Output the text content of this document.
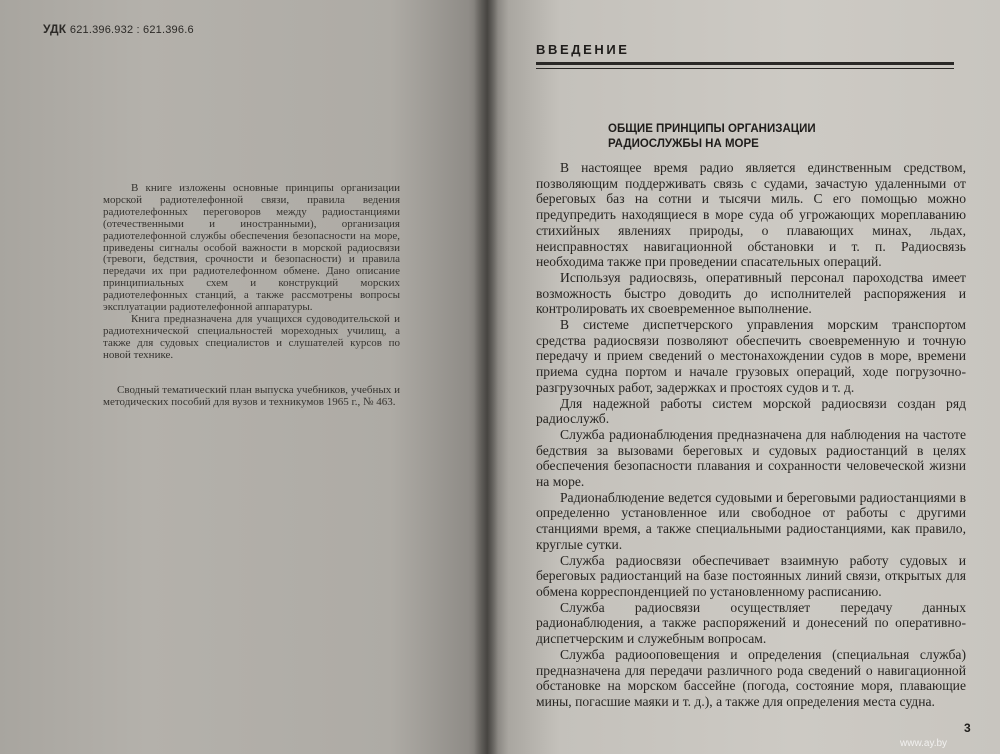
УДК 621.396.932 : 621.396.6

В книге изложены основные принципы организации морской радиотелефонной связи, правила ведения радиотелефонных переговоров между радиостанциями (отечественными и иностранными), организация радиотелефонной службы обеспечения безопасности на море, приведены сигналы особой важности в морской радиосвязи (тревоги, бедствия, срочности и безопасности) и правила передачи их при радиотелефонном обмене. Дано описание принципиальных схем и конструкций морских радиотелефонных станций, а также рассмотрены вопросы эксплуатации радиотелефонной аппаратуры.

Книга предназначена для учащихся судоводительской и радиотехнической специальностей мореходных училищ, а также для судовых специалистов и слушателей курсов по новой технике.

Сводный тематический план выпуска учебников, учебных и методических пособий для вузов и техникумов 1965 г., № 463.

ВВЕДЕНИЕ
ОБЩИЕ ПРИНЦИПЫ ОРГАНИЗАЦИИ РАДИОСЛУЖБЫ НА МОРЕ

В настоящее время радио является единственным средством, позволяющим поддерживать связь с судами, зачастую удаленными от береговых баз на сотни и тысячи миль. С его помощью можно предупредить находящиеся в море суда об угрожающих мореплаванию стихийных явлениях природы, о плавающих минах, льдах, неисправностях навигационной обстановки и т. п. Радиосвязь необходима также при проведении спасательных операций.

Используя радиосвязь, оперативный персонал пароходства имеет возможность быстро доводить до исполнителей распоряжения и контролировать их своевременное выполнение.

В системе диспетчерского управления морским транспортом средства радиосвязи позволяют обеспечить своевременную и точную передачу и прием сведений о местонахождении судов в море, времени приема судна портом и начале грузовых операций, ходе погрузочно-разгрузочных работ, задержках и простоях судов и т. д.

Для надежной работы систем морской радиосвязи создан ряд радиослужб.

Служба радионаблюдения предназначена для наблюдения на частоте бедствия за вызовами береговых и судовых радиостанций в целях обеспечения безопасности плавания и сохранности человеческой жизни на море.

Радионаблюдение ведется судовыми и береговыми радиостанциями в определенно установленное или свободное от работы с другими станциями время, а также специальными радиостанциями, как правило, круглые сутки.

Служба радиосвязи обеспечивает взаимную работу судовых и береговых радиостанций на базе постоянных линий связи, открытых для обмена корреспонденцией по установленному расписанию.

Служба радиосвязи осуществляет передачу данных радионаблюдения, а также распоряжений и донесений по оперативно-диспетчерским и служебным вопросам.

Служба радиооповещения и определения (специальная служба) предназначена для передачи различного рода сведений о навигационной обстановке на морском бассейне (погода, состояние моря, плавающие мины, погасшие маяки и т. д.), а также для определения места судна.

3
www.ay.by
